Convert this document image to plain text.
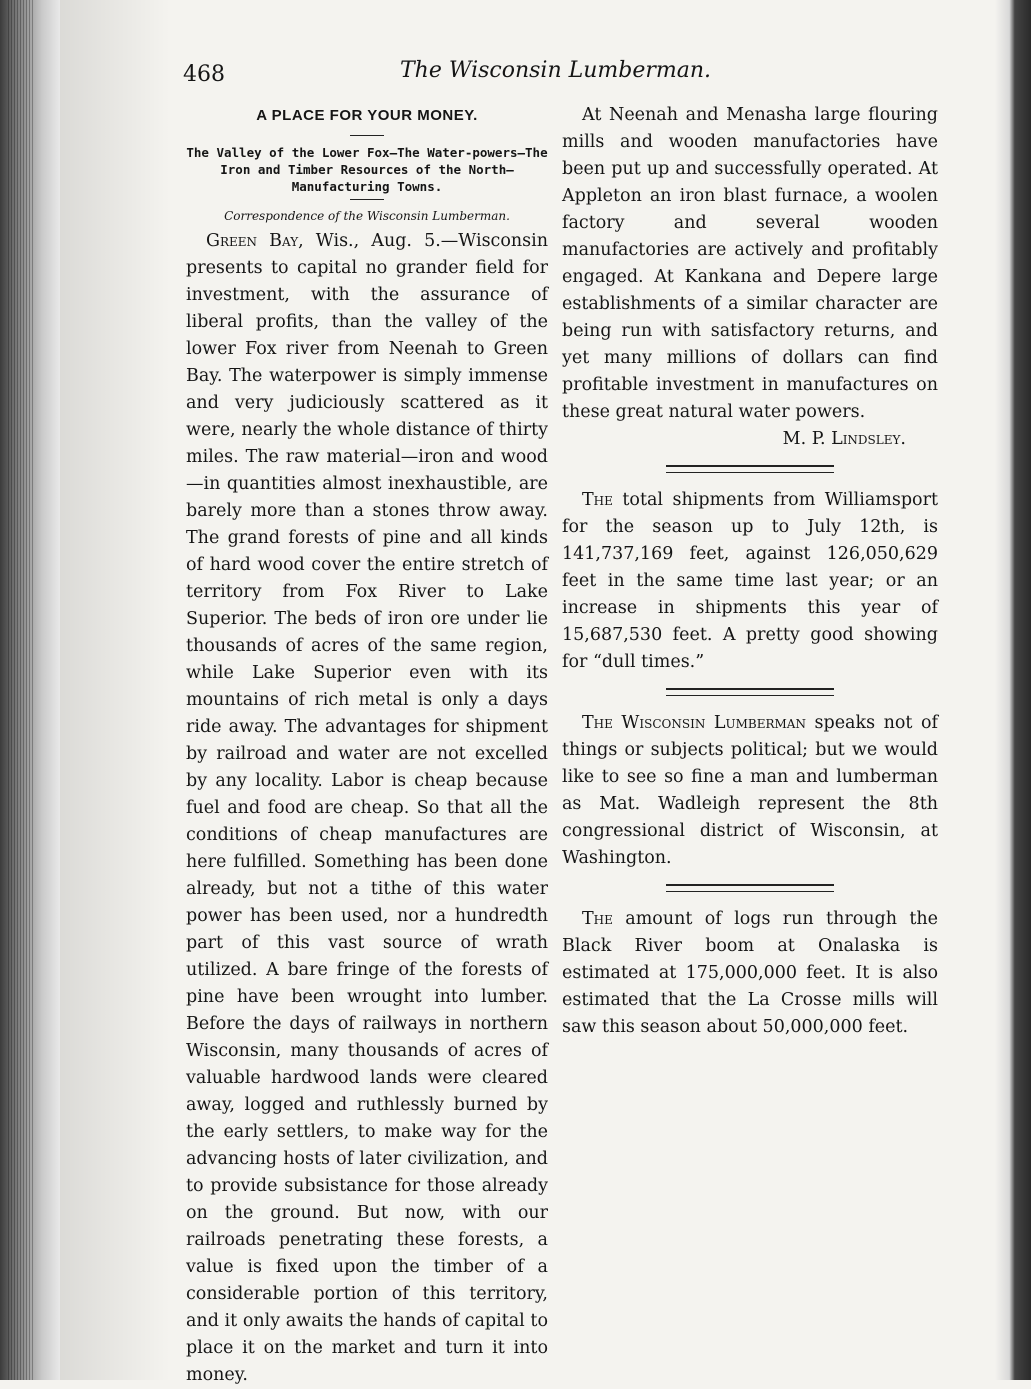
468	The Wisconsin Lumberman.
A PLACE FOR YOUR MONEY.
The Valley of the Lower Fox—The Water-powers—The Iron and Timber Resources of the North—Manufacturing Towns.
Correspondence of the Wisconsin Lumberman.

Green Bay, Wis., Aug. 5.—Wisconsin presents to capital no grander field for investment, with the assurance of liberal profits, than the valley of the lower Fox river from Neenah to Green Bay. The waterpower is simply immense and very judiciously scattered as it were, nearly the whole distance of thirty miles. The raw material—iron and wood—in quantities almost inexhaustible, are barely more than a stones throw away. The grand forests of pine and all kinds of hard wood cover the entire stretch of territory from Fox River to Lake Superior. The beds of iron ore under lie thousands of acres of the same region, while Lake Superior even with its mountains of rich metal is only a days ride away. The advantages for shipment by railroad and water are not excelled by any locality. Labor is cheap because fuel and food are cheap. So that all the conditions of cheap manufactures are here fulfilled. Something has been done already, but not a tithe of this water power has been used, nor a hundredth part of this vast source of wrath utilized. A bare fringe of the forests of pine have been wrought into lumber. Before the days of railways in northern Wisconsin, many thousands of acres of valuable hardwood lands were cleared away, logged and ruthlessly burned by the early settlers, to make way for the advancing hosts of later civilization, and to provide subsistance for those already on the ground. But now, with our railroads penetrating these forests, a value is fixed upon the timber of a considerable portion of this territory, and it only awaits the hands of capital to place it on the market and turn it into money.

At Neenah and Menasha large flouring mills and wooden manufactories have been put up and successfully operated. At Appleton an iron blast furnace, a woolen factory and several wooden manufactories are actively and profitably engaged. At Kankana and Depere large establishments of a similar character are being run with satisfactory returns, and yet many millions of dollars can find profitable investment in manufactures on these great natural water powers.

M. P. Lindsley.

The total shipments from Williamsport for the season up to July 12th, is 141,737,169 feet, against 126,050,629 feet in the same time last year; or an increase in shipments this year of 15,687,530 feet. A pretty good showing for “dull times.”

The Wisconsin Lumberman speaks not of things or subjects political; but we would like to see so fine a man and lumberman as Mat. Wadleigh represent the 8th congressional district of Wisconsin, at Washington.

The amount of logs run through the Black River boom at Onalaska is estimated at 175,000,000 feet. It is also estimated that the La Crosse mills will saw this season about 50,000,000 feet.
